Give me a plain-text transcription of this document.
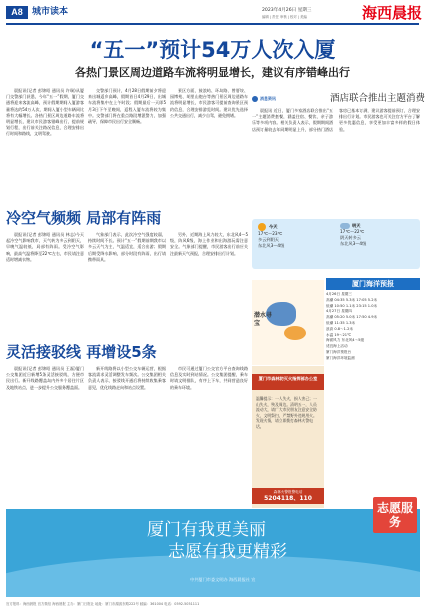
A8	城市读本	2023年4月26日 星期三
编辑 | 责任 审核 | 校对 | 美编	海西晨报
“五一”预计54万人次入厦
各热门景区周边道路车流将明显增长，建议有序错峰出行
晨报讯(记者 彭锦昭 通讯员 许瑞)从厦门交警部门获悉，今年“五一”假期，厦门交通将迎来客流高峰，预计假期期间入厦游客量将达约54万人次，期间入厦小型车辆同比将有大幅增长。各热门景区周边道路车流将明显增长，建议市民游客错峰出行，提前规划行程，出行前关注路况信息，合理安排出行时间和路线，文明驾驶。
交警部门预计，4月28日假期前夕将迎来出城返乡高峰，假期首日4月29日，出城车流将集中在上午时段；假期最后一天即5月3日下午至晚间，返程入厦车流将较为集中。交警部门将在重点路段增派警力，加强疏导，保障市民出行安全顺畅。
景区方面，鼓浪屿、环岛路、曾厝垵、园博苑、胡里山炮台等热门景区周边道路车流将明显增长，市民游客可提前查询景区预约信息，合理安排游览时间。建议优先选择公共交通出行，减少自驾，避免拥堵。
消息资讯	酒店联合推出主题消费
晨报讯 近日，厦门多家酒店联合推出“五一”主题消费套餐，涵盖住宿、餐饮、亲子游乐等多项内容。相关负责人表示，假期期间酒店预订量较去年同期明显上升，部分热门酒店客房已基本订满，建议游客提前预订，合理安排出行计划。市民游客也可关注官方平台了解更多优惠信息，享受更加丰富多样的假日体验。
今天
17℃～23℃
多云到阴天
东北风3～4级
明天
17℃～22℃
阴天转多云
东北风3～4级
潜水寻宝
厦门海洋预报
4月26日 星期三
高潮 04:35 5.3米 17:05 5.2米
低潮 10:50 1.1米 23:15 1.0米
4月27日 星期四
高潮 05:20 5.0米 17:50 4.9米
低潮 11:35 1.3米
浪高 0.8～1.2米
水温 19～21℃
海面风力 东北风4～5级
适宜海上活动
厦门海洋预报台
厦门海洋环境监测
冷空气频频 局部有阵雨
晨报讯(记者 彭锦昭 通讯员 林志)今天起冷空气影响我市，天气转为多云到阴天，早晚气温较低，局部有阵雨。受冷空气影响，最高气温将降至22℃左右，市民请注意适时增减衣物。
气象部门表示，此次冷空气强度较弱，持续时间不长。预计“五一”假期前期我市以多云天气为主，气温适宜，适合出游；假期后期受降水影响，部分时段有阵雨，出行请携带雨具。
另外，近期海上风力较大，东北风4～5级，阵风6级，海上作业和出海游玩需注意安全。气象部门提醒，市民游客出行前应关注最新天气预报，合理安排出行计划。
灵活接驳线 再增设5条
晨报讯(记者 彭锦昭 通讯员 王磊)厦门公交集团近日新增5条灵活接驳线，方便市民出行。新开线路覆盖岛内外多个居住片区及地铁站点，进一步提升公交服务覆盖面。
新开线路将以小型公交车辆运营，根据客流需求灵活调整发车频次。公交集团相关负责人表示，接驳线开通后将持续收集乘客意见，优化线路走向和站点设置。
市民可通过厦门公交官方平台查询线路信息及实时到站情况。公交集团提醒，乘车时请文明排队，有序上下车，共同营造良好的乘车环境。
厦门市森林防灭火指挥部办公室
温馨提示：一人失火，损人害己；一山失火，殃及周边。清明五一，人员流动大，请广大市民朋友注意安全防火，文明祭扫，严禁野外违规用火。发现火情，请立即拨打森林火警电话。
森林火警报警电话
5204118、110
厦门有我更美丽
志愿有我更精彩
中共厦门市委文明办 海西晨报社 宣
志愿服务
官方报料：海西晨报 官方微信 海西晨报 主办：厦门日报社 地址：厦门市湖滨东路222号 邮编：361004 电话：0592-5051111
